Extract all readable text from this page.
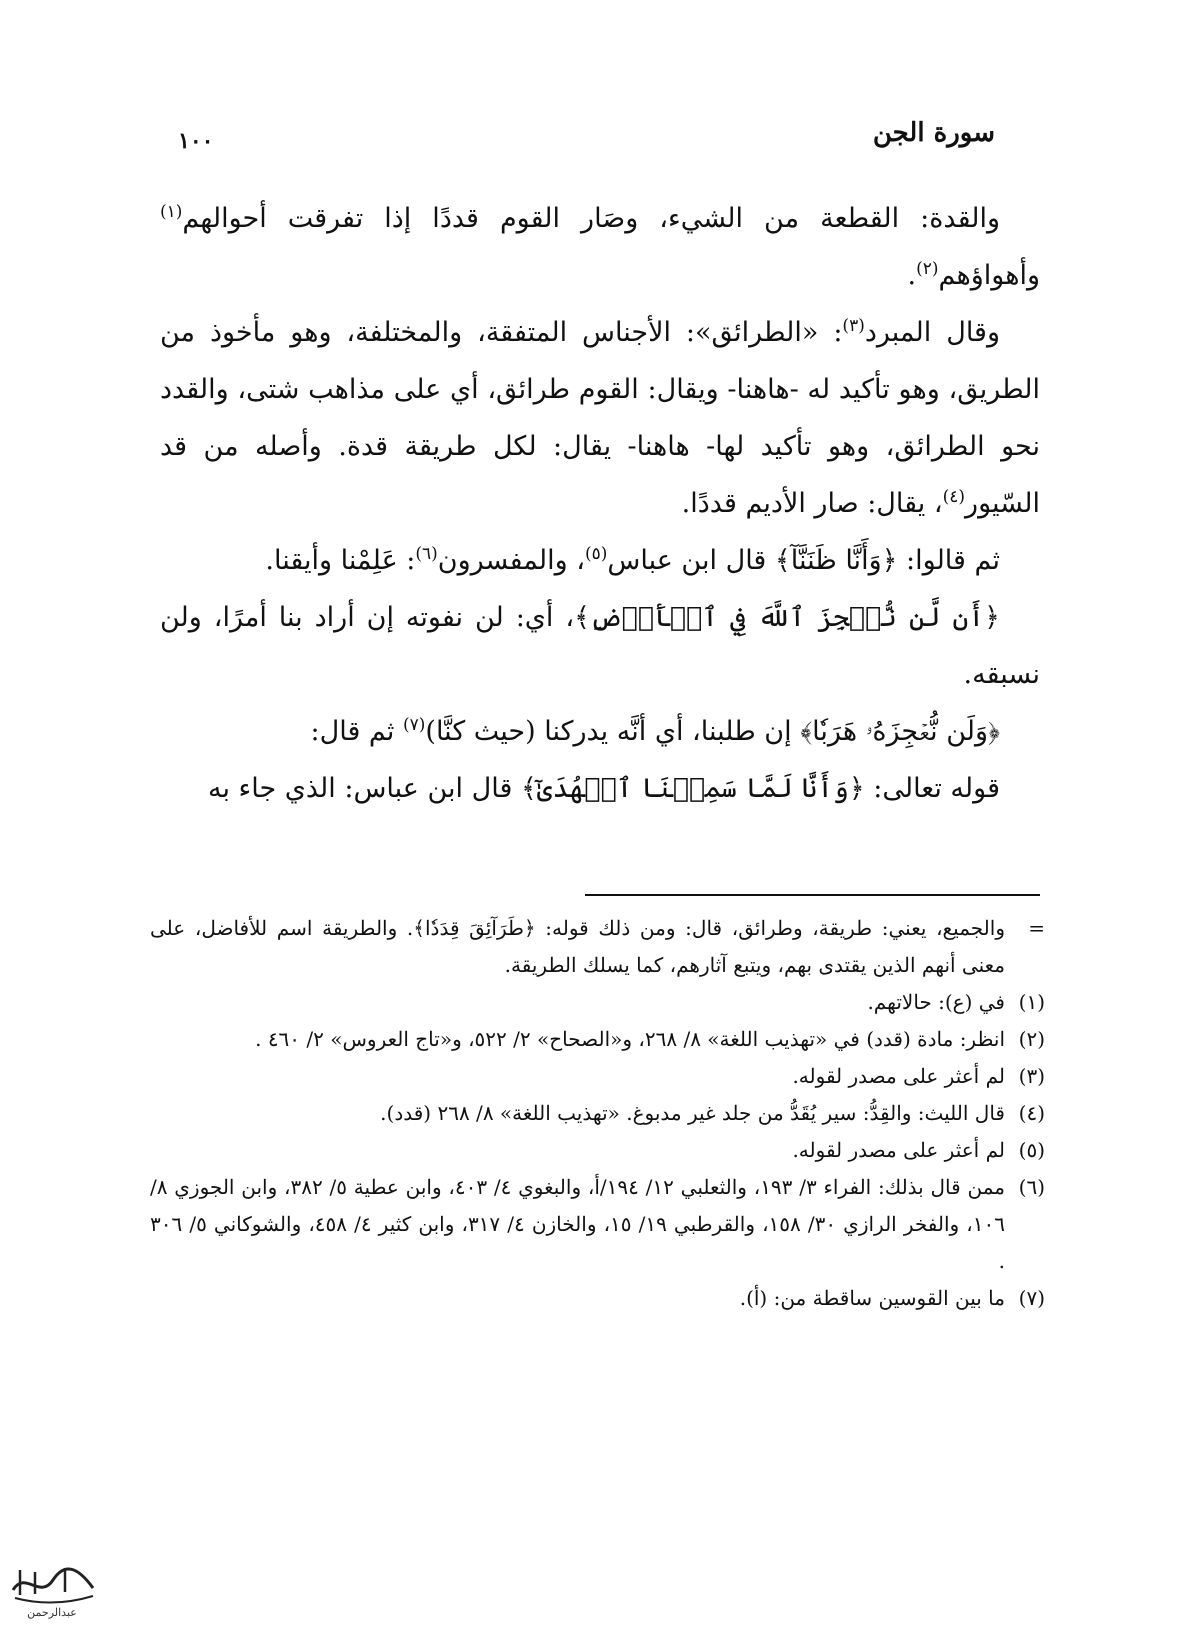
سورة الجن
١٠٠

والقدة: القطعة من الشيء، وصَار القوم قددًا إذا تفرقت أحوالهم$^{(١)}$ وأهواؤهم$^{(٢)}$.

وقال المبرد$^{(٣)}$: «الطرائق»: الأجناس المتفقة، والمختلفة، وهو مأخوذ من الطريق، وهو تأكيد له -هاهنا- ويقال: القوم طرائق، أي على مذاهب شتى، والقدد نحو الطرائق، وهو تأكيد لها- هاهنا- يقال: لكل طريقة قدة. وأصله من قد السّيور$^{(٤)}$، يقال: صار الأديم قددًا.

ثم قالوا: ﴿وَأَنَّا ظَنَنَّآ﴾ قال ابن عباس$^{(٥)}$، والمفسرون$^{(٦)}$: عَلِمْنا وأيقنا.

﴿أَن لَّن نُّعۡجِزَ ٱللَّهَ فِي ٱلۡأَرۡضِ﴾، أي: لن نفوته إن أراد بنا أمرًا، ولن نسبقه.

﴿وَلَن نُّعۡجِزَهُۥ هَرَبٗا﴾ إن طلبنا، أي أنَّه يدركنا (حيث كنَّا)$^{(٧)}$ ثم قال:

قوله تعالى: ﴿وَأَنَّا لَمَّا سَمِعۡنَا ٱلۡهُدَىٰٓ﴾ قال ابن عباس: الذي جاء به

=
والجميع، يعني: طريقة، وطرائق، قال: ومن ذلك قوله: ﴿طَرَآئِقَ قِدَدٗا﴾. والطريقة اسم للأفاضل، على معنى أنهم الذين يقتدى بهم، ويتبع آثارهم، كما يسلك الطريقة.
(١)
في (ع): حالاتهم.
(٢)
انظر: مادة (قدد) في «تهذيب اللغة» ٨/ ٢٦٨، و«الصحاح» ٢/ ٥٢٢، و«تاج العروس» ٢/ ٤٦٠ .
(٣)
لم أعثر على مصدر لقوله.
(٤)
قال الليث: والقِدُّ: سير يُقَدُّ من جلد غير مدبوغ. «تهذيب اللغة» ٨/ ٢٦٨ (قدد).
(٥)
لم أعثر على مصدر لقوله.
(٦)
ممن قال بذلك: الفراء ٣/ ١٩٣، والثعلبي ١٢/ ١٩٤/أ، والبغوي ٤/ ٤٠٣، وابن عطية ٥/ ٣٨٢، وابن الجوزي ٨/ ١٠٦، والفخر الرازي ٣٠/ ١٥٨، والقرطبي ١٩/ ١٥، والخازن ٤/ ٣١٧، وابن كثير ٤/ ٤٥٨، والشوكاني ٥/ ٣٠٦ .
(٧)
ما بين القوسين ساقطة من: (أ).
عبدالرحمن
